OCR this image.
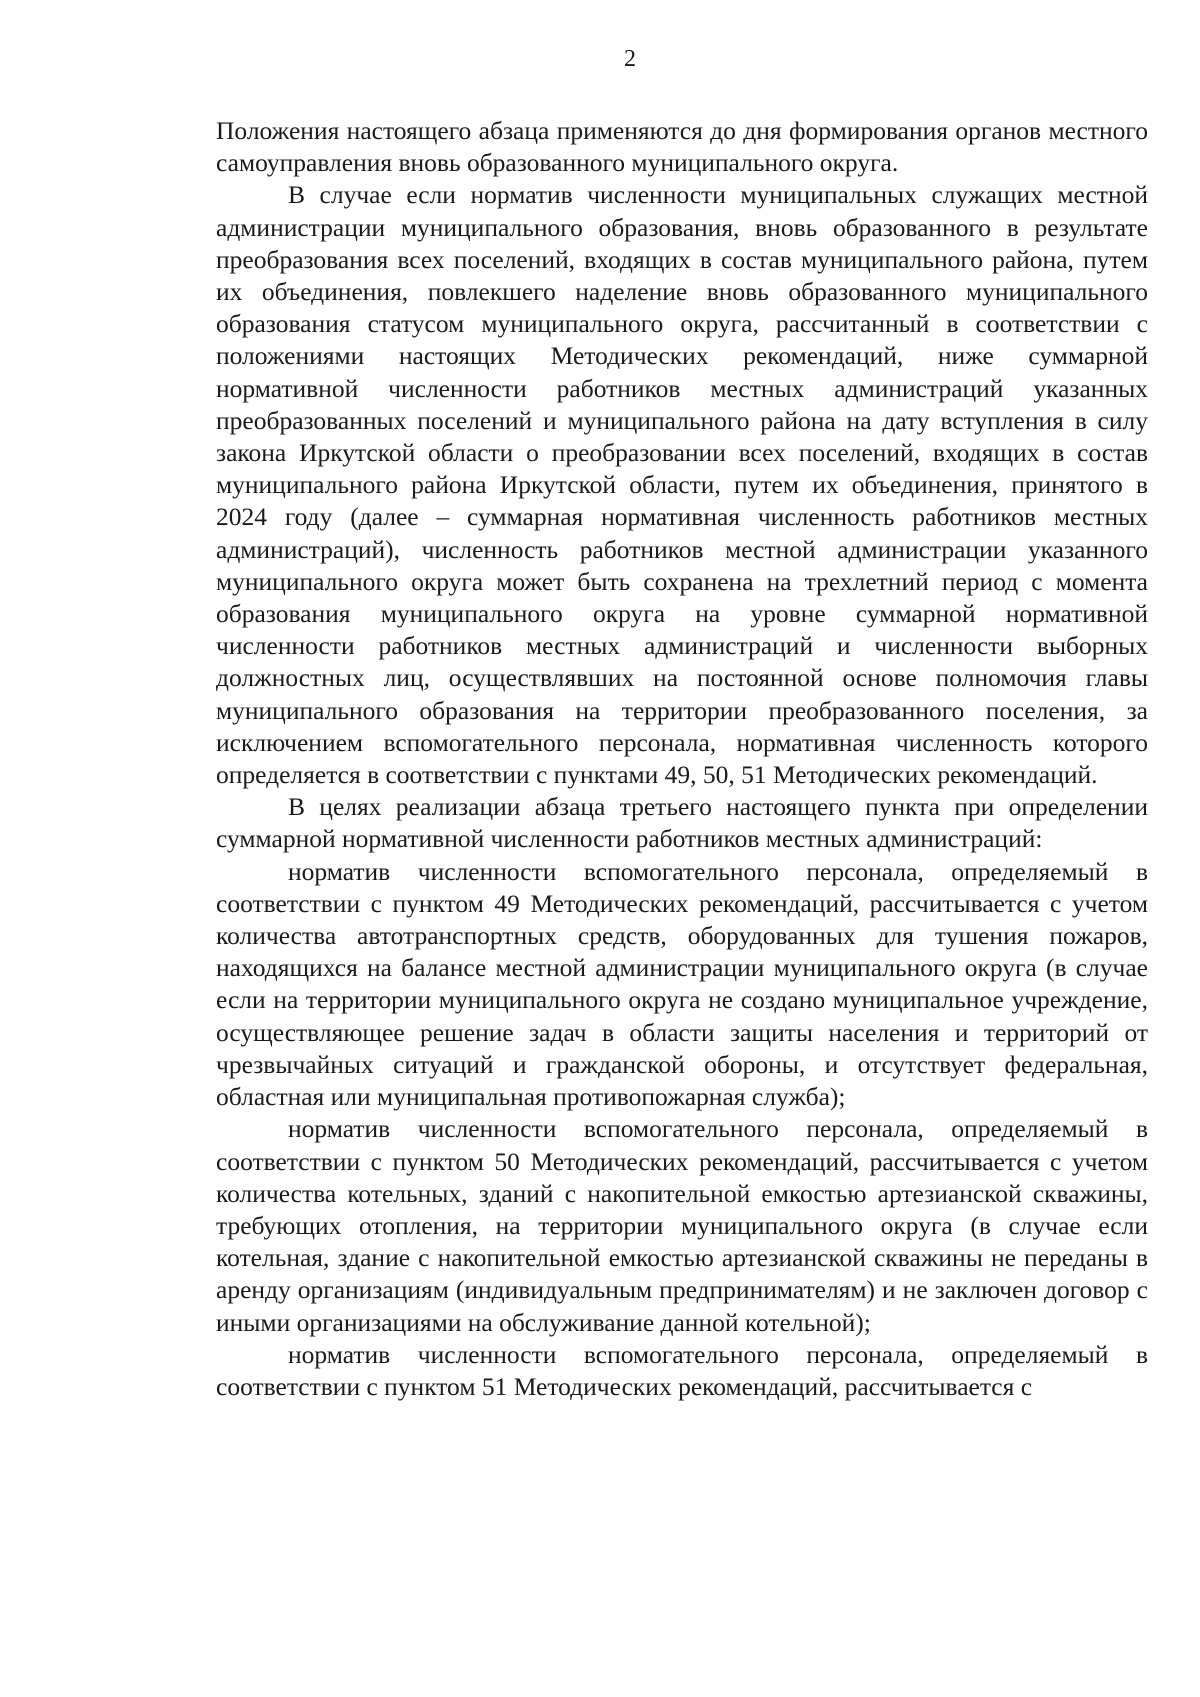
2

Положения настоящего абзаца применяются до дня формирования органов местного самоуправления вновь образованного муниципального округа.

В случае если норматив численности муниципальных служащих местной администрации муниципального образования, вновь образованного в результате преобразования всех поселений, входящих в состав муниципального района, путем их объединения, повлекшего наделение вновь образованного муниципального образования статусом муниципального округа, рассчитанный в соответствии с положениями настоящих Методических рекомендаций, ниже суммарной нормативной численности работников местных администраций указанных преобразованных поселений и муниципального района на дату вступления в силу закона Иркутской области о преобразовании всех поселений, входящих в состав муниципального района Иркутской области, путем их объединения, принятого в 2024 году (далее – суммарная нормативная численность работников местных администраций), численность работников местной администрации указанного муниципального округа может быть сохранена на трехлетний период с момента образования муниципального округа на уровне суммарной нормативной численности работников местных администраций и численности выборных должностных лиц, осуществлявших на постоянной основе полномочия главы муниципального образования на территории преобразованного поселения, за исключением вспомогательного персонала, нормативная численность которого определяется в соответствии с пунктами 49, 50, 51 Методических рекомендаций.

В целях реализации абзаца третьего настоящего пункта при определении суммарной нормативной численности работников местных администраций:

норматив численности вспомогательного персонала, определяемый в соответствии с пунктом 49 Методических рекомендаций, рассчитывается с учетом количества автотранспортных средств, оборудованных для тушения пожаров, находящихся на балансе местной администрации муниципального округа (в случае если на территории муниципального округа не создано муниципальное учреждение, осуществляющее решение задач в области защиты населения и территорий от чрезвычайных ситуаций и гражданской обороны, и отсутствует федеральная, областная или муниципальная противопожарная служба);

норматив численности вспомогательного персонала, определяемый в соответствии с пунктом 50 Методических рекомендаций, рассчитывается с учетом количества котельных, зданий с накопительной емкостью артезианской скважины, требующих отопления, на территории муниципального округа (в случае если котельная, здание с накопительной емкостью артезианской скважины не переданы в аренду организациям (индивидуальным предпринимателям) и не заключен договор с иными организациями на обслуживание данной котельной);

норматив численности вспомогательного персонала, определяемый в соответствии с пунктом 51 Методических рекомендаций, рассчитывается с
